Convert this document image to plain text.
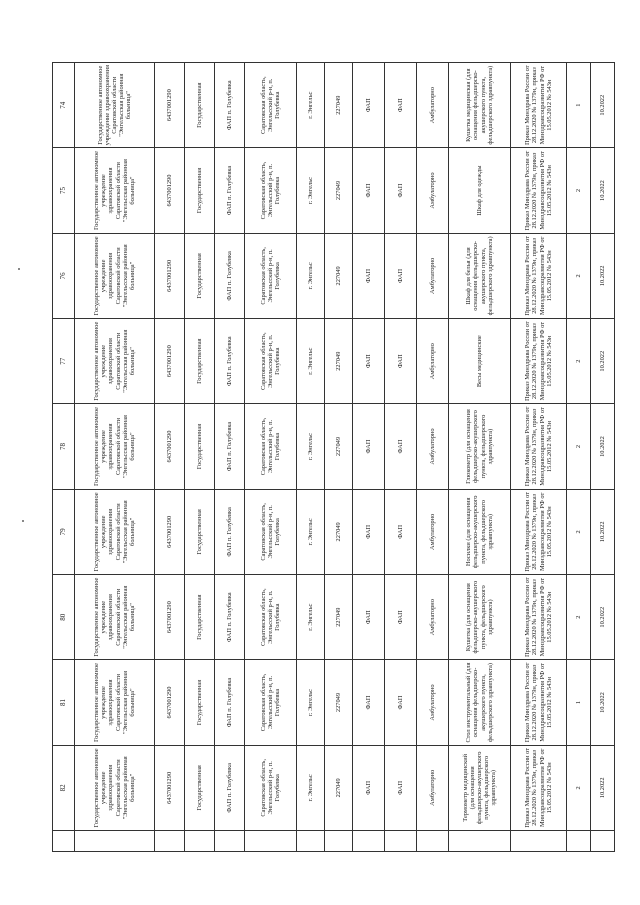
	82	81	80	79	78	77	76	75	74
	Государственное автономное учреждение здравоохранения Саратовской области "Энгельсская районная больница"	Государственное автономное учреждение здравоохранения Саратовской области "Энгельсская районная больница"	Государственное автономное учреждение здравоохранения Саратовской области "Энгельсская районная больница"	Государственное автономное учреждение здравоохранения Саратовской области "Энгельсская районная больница"	Государственное автономное учреждение здравоохранения Саратовской области "Энгельсская районная больница"	Государственное автономное учреждение здравоохранения Саратовской области "Энгельсская районная больница"	Государственное автономное учреждение здравоохранения Саратовской области "Энгельсская районная больница"	Государственное автономное учреждение здравоохранения Саратовской области "Энгельсская районная больница"	Государственное автономное учреждение здравоохранения Саратовской области "Энгельсская районная больница"
	6437001290	6437001290	6437001290	6437001290	6437001290	6437001290	6437001290	6437001290	6437001290
	Государственная	Государственная	Государственная	Государственная	Государственная	Государственная	Государственная	Государственная	Государственная
	ФАП п. Голубевка	ФАП п. Голубевка	ФАП п. Голубевка	ФАП п. Голубевка	ФАП п. Голубевка	ФАП п. Голубевка	ФАП п. Голубевка	ФАП п. Голубевка	ФАП п. Голубевка
	Саратовская область, Энгельсский р-н, п. Голубевка	Саратовская область, Энгельсский р-н, п. Голубевка	Саратовская область, Энгельсский р-н, п. Голубевка	Саратовская область, Энгельсский р-н, п. Голубевка	Саратовская область, Энгельсский р-н, п. Голубевка	Саратовская область, Энгельсский р-н, п. Голубевка	Саратовская область, Энгельсский р-н, п. Голубевка	Саратовская область, Энгельсский р-н, п. Голубевка	Саратовская область, Энгельсский р-н, п. Голубевка
	г. Энгельс	г. Энгельс	г. Энгельс	г. Энгельс	г. Энгельс	г. Энгельс	г. Энгельс	г. Энгельс	г. Энгельс
	227049	227049	227049	227049	227049	227049	227049	227049	227049
	ФАП	ФАП	ФАП	ФАП	ФАП	ФАП	ФАП	ФАП	ФАП
	ФАП	ФАП	ФАП	ФАП	ФАП	ФАП	ФАП	ФАП	ФАП
	Амбулаторно	Амбулаторно	Амбулаторно	Амбулаторно	Амбулаторно	Амбулаторно	Амбулаторно	Амбулаторно	Амбулаторно
	Термометр медицинский (для оснащения фельдшерско-акушерского пункта, фельдшерского здравпункта)	Стол инструментальный (для оснащения фельдшерско-акушерского пункта, фельдшерского здравпункта)	Кушетка (для оснащения фельдшерско-акушерского пункта, фельдшерского здравпункта)	Носилки (для оснащения фельдшерско-акушерского пункта, фельдшерского здравпункта)	Глюкометр (для оснащения фельдшерско-акушерского пункта, фельдшерского здравпункта)	Весы медицинские	Шкаф для белья (для оснащения фельдшерско-акушерского пункта, фельдшерского здравпункта)	Шкаф для одежды	Кушетка медицинская (для оснащения фельдшерско-акушерского пункта, фельдшерского здравпункта)
	Приказ Минздрава России от 28.12.2020 № 1379н, приказ Минздравсоцразвития РФ от 15.05.2012 № 543н	Приказ Минздрава России от 28.12.2020 № 1379н, приказ Минздравсоцразвития РФ от 15.05.2012 № 543н	Приказ Минздрава России от 28.12.2020 № 1379н, приказ Минздравсоцразвития РФ от 15.05.2012 № 543н	Приказ Минздрава России от 28.12.2020 № 1379н, приказ Минздравсоцразвития РФ от 15.05.2012 № 543н	Приказ Минздрава России от 28.12.2020 № 1379н, приказ Минздравсоцразвития РФ от 15.05.2012 № 543н	Приказ Минздрава России от 28.12.2020 № 1379н, приказ Минздравсоцразвития РФ от 15.05.2012 № 543н	Приказ Минздрава России от 28.12.2020 № 1379н, приказ Минздравсоцразвития РФ от 15.05.2012 № 543н	Приказ Минздрава России от 28.12.2020 № 1379н, приказ Минздравсоцразвития РФ от 15.05.2012 № 543н	Приказ Минздрава России от 28.12.2020 № 1379н, приказ Минздравсоцразвития РФ от 15.05.2012 № 543н
	2	1	2	2	2	2	2	2	1
	10.2022	10.2022	10.2022	10.2022	10.2022	10.2022	10.2022	10.2022	10.2022
